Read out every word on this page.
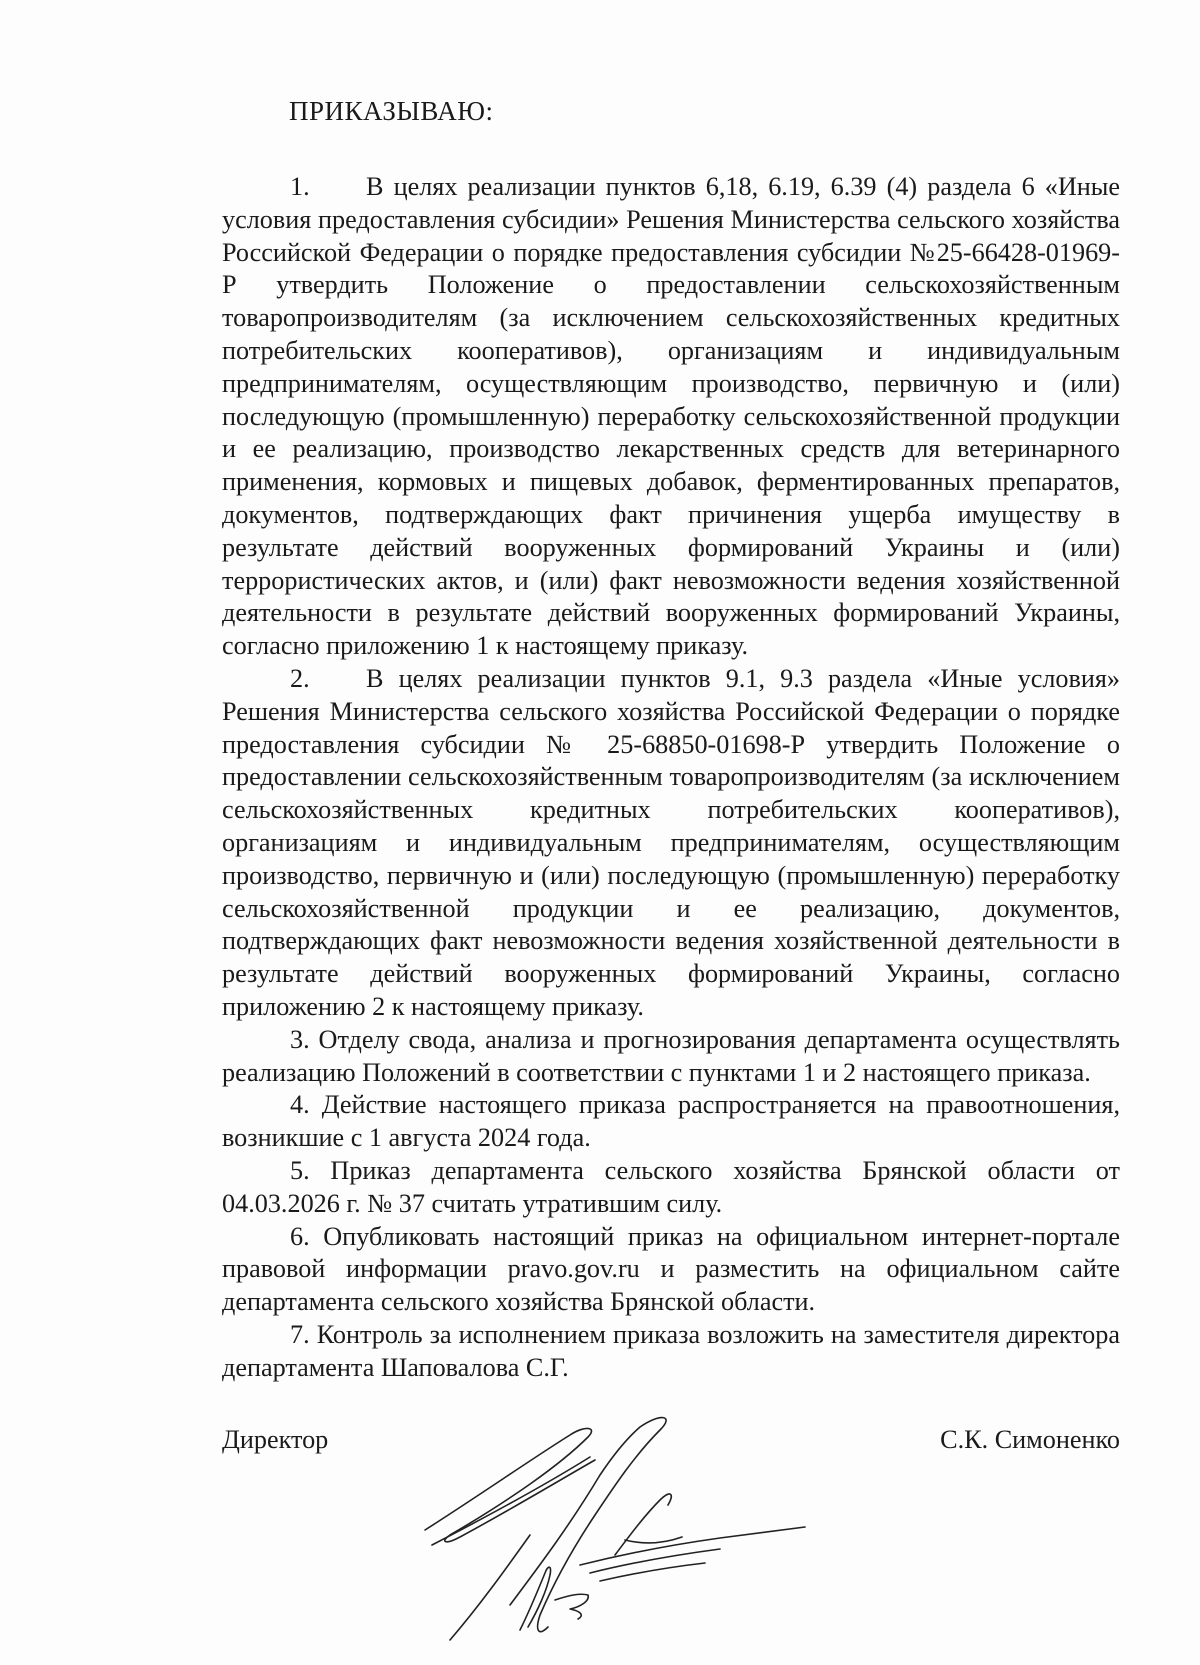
ПРИКАЗЫВАЮ:

1. В целях реализации пунктов 6,18, 6.19, 6.39 (4) раздела 6 «Иные условия предоставления субсидии» Решения Министерства сельского хозяйства Российской Федерации о порядке предоставления субсидии №25-66428-01969-Р утвердить Положение о предоставлении сельскохозяйственным товаропроизводителям (за исключением сельскохозяйственных кредитных потребительских кооперативов), организациям и индивидуальным предпринимателям, осуществляющим производство, первичную и (или) последующую (промышленную) переработку сельскохозяйственной продукции и ее реализацию, производство лекарственных средств для ветеринарного применения, кормовых и пищевых добавок, ферментированных препаратов, документов, подтверждающих факт причинения ущерба имуществу в результате действий вооруженных формирований Украины и (или) террористических актов, и (или) факт невозможности ведения хозяйственной деятельности в результате действий вооруженных формирований Украины, согласно приложению 1 к настоящему приказу.

2. В целях реализации пунктов 9.1, 9.3 раздела «Иные условия» Решения Министерства сельского хозяйства Российской Федерации о порядке предоставления субсидии № 25-68850-01698-Р утвердить Положение о предоставлении сельскохозяйственным товаропроизводителям (за исключением сельскохозяйственных кредитных потребительских кооперативов), организациям и индивидуальным предпринимателям, осуществляющим производство, первичную и (или) последующую (промышленную) переработку сельскохозяйственной продукции и ее реализацию, документов, подтверждающих факт невозможности ведения хозяйственной деятельности в результате действий вооруженных формирований Украины, согласно приложению 2 к настоящему приказу.

3. Отделу свода, анализа и прогнозирования департамента осуществлять реализацию Положений в соответствии с пунктами 1 и 2 настоящего приказа.

4. Действие настоящего приказа распространяется на правоотношения, возникшие с 1 августа 2024 года.

5. Приказ департамента сельского хозяйства Брянской области от 04.03.2026 г. № 37 считать утратившим силу.

6. Опубликовать настоящий приказ на официальном интернет-портале правовой информации pravo.gov.ru и разместить на официальном сайте департамента сельского хозяйства Брянской области.

7. Контроль за исполнением приказа возложить на заместителя директора департамента Шаповалова С.Г.

Директор	С.К. Симоненко
